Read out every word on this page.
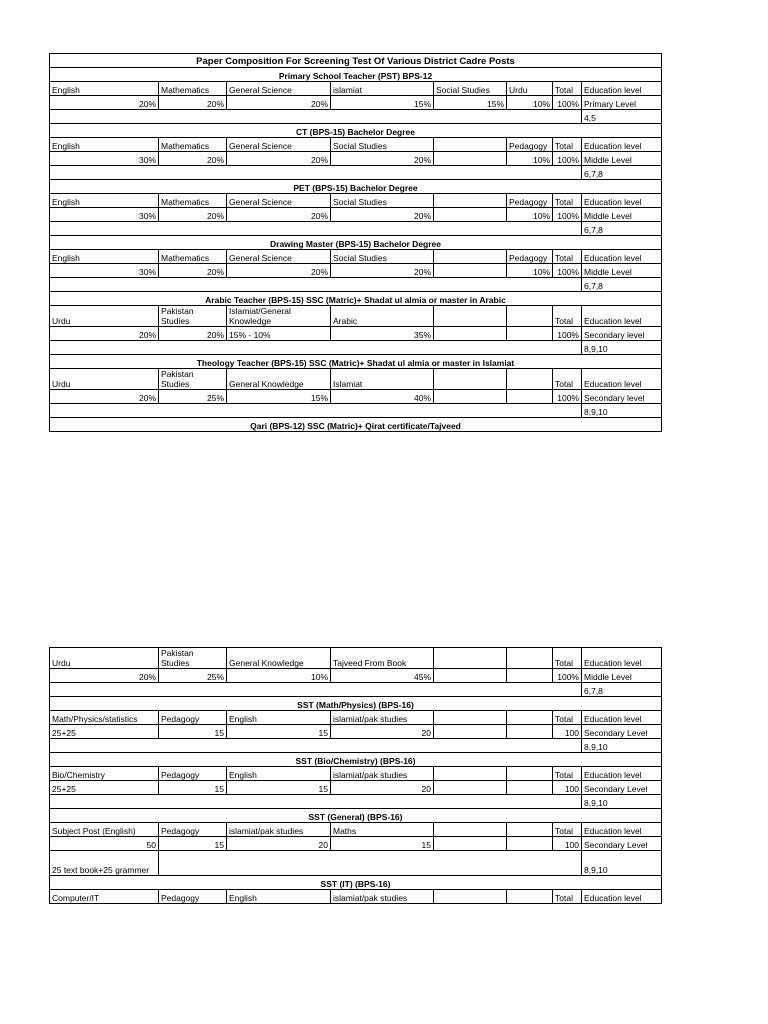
Paper Composition For Screening Test Of Various District Cadre Posts							
Primary School Teacher (PST) BPS-12							
English	Mathematics	General Science	islamiat	Social Studies	Urdu	Total	Education level
20%	20%	20%	15%	15%	10%	100%	Primary Level
							4,5
CT (BPS-15) Bachelor Degree							
English	Mathematics	General Science	Social Studies		Pedagogy	Total	Education level
30%	20%	20%	20%		10%	100%	Middle Level
							6,7,8
PET (BPS-15) Bachelor Degree							
English	Mathematics	General Science	Social Studies		Pedagogy	Total	Education level
30%	20%	20%	20%		10%	100%	Middle Level
							6,7,8
Drawing Master (BPS-15) Bachelor Degree							
English	Mathematics	General Science	Social Studies		Pedagogy	Total	Education level
30%	20%	20%	20%		10%	100%	Middle Level
							6,7,8
Arabic Teacher (BPS-15) SSC (Matric)+ Shadat ul almia or master in Arabic							
Urdu	Pakistan Studies	Islamiat/General Knowledge	Arabic			Total	Education level
20%	20%	15% - 10%	35%			100%	Secondary level
							8,9,10
Theology Teacher (BPS-15) SSC (Matric)+ Shadat ul almia or master in Islamiat							
Urdu	Pakistan Studies	General Knowledge	Islamiat			Total	Education level
20%	25%	15%	40%			100%	Secondary level
							8,9,10
Qari (BPS-12) SSC (Matric)+ Qirat certificate/Tajveed							
Urdu	Pakistan Studies	General Knowledge	Tajveed From Book			Total	Education level
20%	25%	10%	45%			100%	Middle Level
							6,7,8
SST (Math/Physics) (BPS-16)							
Math/Physics/statistics	Pedagogy	English	islamiat/pak studies			Total	Education level
25+25	15	15	20			100	Secondary Level
							8,9,10
SST (Bio/Chemistry) (BPS-16)							
Bio/Chemistry	Pedagogy	English	islamiat/pak studies			Total	Education level
25+25	15	15	20			100	Secondary Level
							8,9,10
SST (General) (BPS-16)							
Subject Post (English)	Pedagogy	islamiat/pak studies	Maths			Total	Education level
50	15	20	15			100	Secondary Level
25 text book+25 grammer							8,9,10
SST (IT) (BPS-16)							
Computer/IT	Pedagogy	English	islamiat/pak studies			Total	Education level
